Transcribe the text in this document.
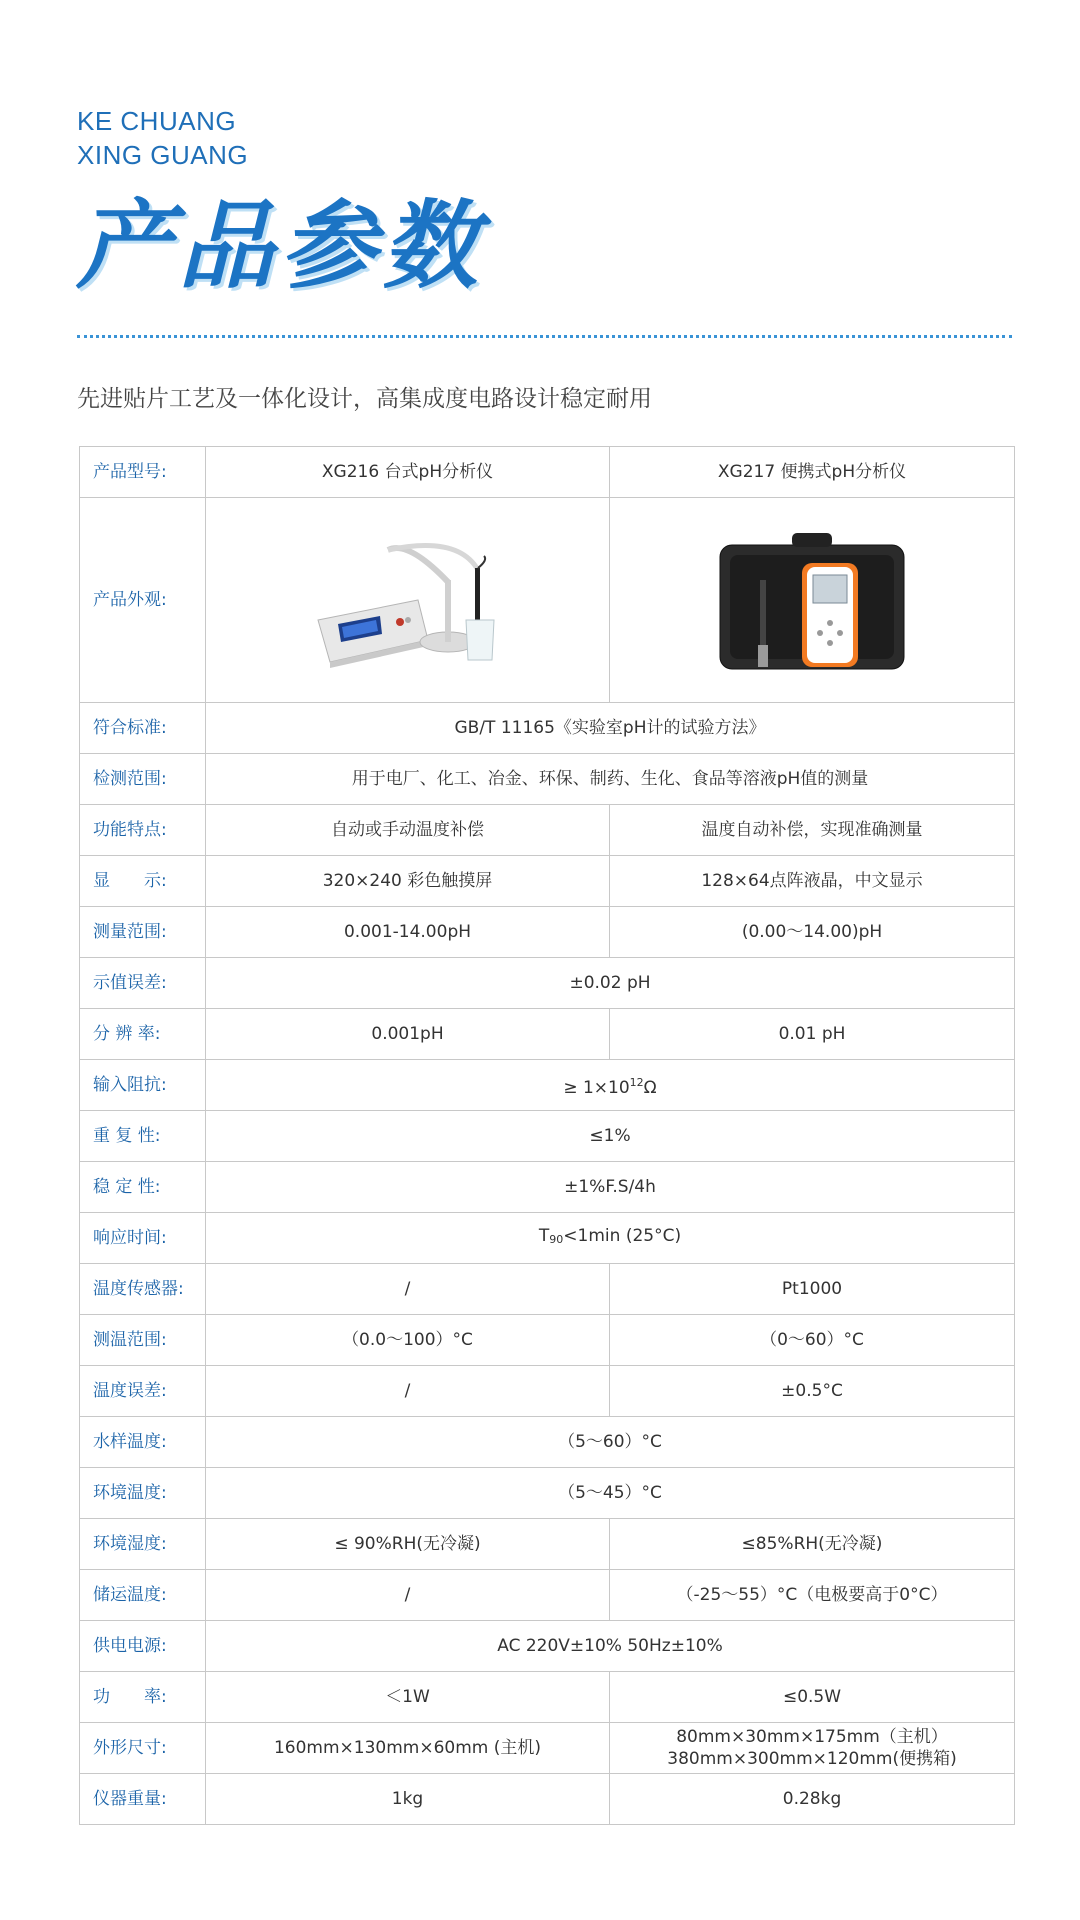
KE CHUANG
XING GUANG
产品参数
先进贴片工艺及一体化设计，高集成度电路设计稳定耐用
产品型号:	XG216 台式pH分析仪	XG217 便携式pH分析仪
产品外观:	

符合标准:	GB/T 11165《实验室pH计的试验方法》	
检测范围:	用于电厂、化工、冶金、环保、制药、生化、食品等溶液pH值的测量	
功能特点:	自动或手动温度补偿	温度自动补偿，实现准确测量
显　　示:	320×240 彩色触摸屏	128×64点阵液晶，中文显示
测量范围:	0.001-14.00pH	(0.00～14.00)pH
示值误差:	±0.02 pH	
分 辨 率:	0.001pH	0.01 pH
输入阻抗:	≥ $1\times 10^{12}\Omega$	
重 复 性:	≤1%	
稳 定 性:	±1%F.S/4h	
响应时间:	T90<1min (25°C)	
温度传感器:	/	Pt1000
测温范围:	（0.0～100）°C	（0～60）°C
温度误差:	/	±0.5°C
水样温度:	（5～60）°C	
环境温度:	（5～45）°C	
环境湿度:	≤ 90%RH(无冷凝)	≤85%RH(无冷凝)
储运温度:	/	（-25～55）°C（电极要高于0°C）
供电电源:	AC 220V±10% 50Hz±10%	
功　　率:	＜1W	≤0.5W
外形尺寸:	160mm×130mm×60mm (主机)	80mm×30mm×175mm（主机）
380mm×300mm×120mm(便携箱)

仪器重量:	1kg	0.28kg
